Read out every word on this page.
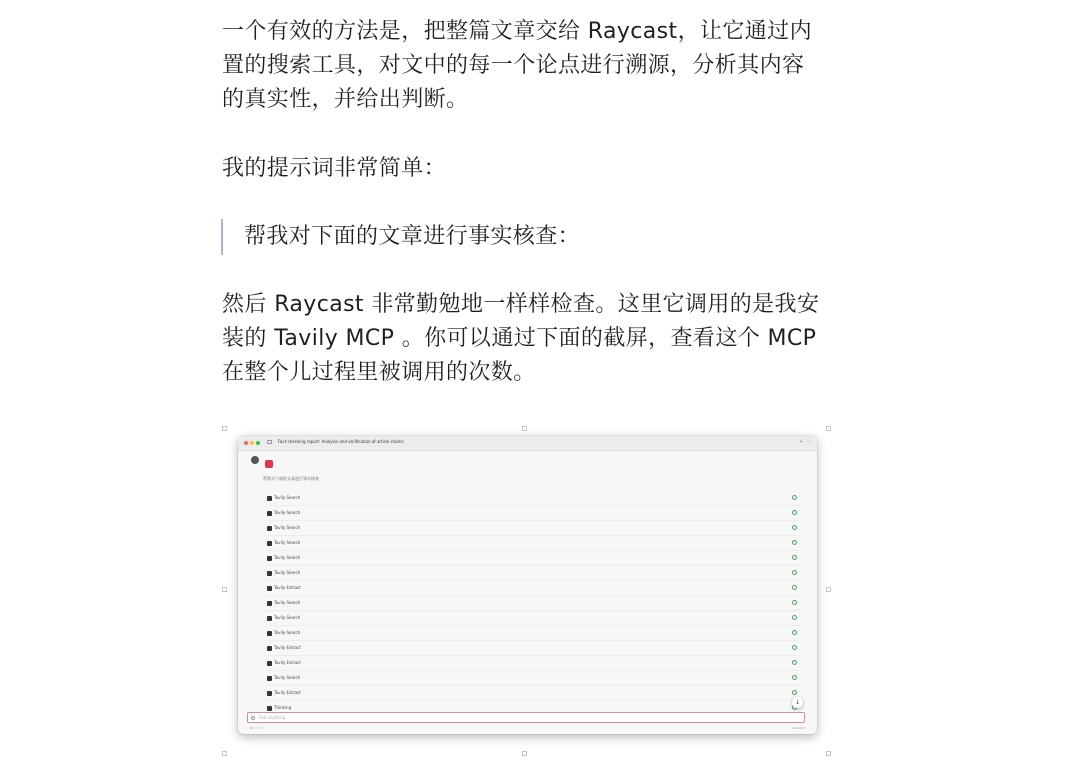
一个有效的方法是，把整篇文章交给 Raycast，让它通过内置的搜索工具，对文中的每一个论点进行溯源，分析其内容的真实性，并给出判断。

我的提示词非常简单：

帮我对下面的文章进行事实核查：

然后 Raycast 非常勤勉地一样样检查。这里它调用的是我安装的 Tavily MCP 。你可以通过下面的截屏，查看这个 MCP 在整个儿过程里被调用的次数。

Fact-checking report: Analysis and verification of article claims	+ ⋯
帮我对下面的文章进行事实核查
Tavily Search
Tavily Search
Tavily Search
Tavily Search
Tavily Search
Tavily Search
Tavily Extract
Tavily Search
Tavily Search
Tavily Search
Tavily Extract
Tavily Extract
Tavily Search
Tavily Extract
Thinking
↓
Ask anything...
⌘ ⏎ ⇧ ⏎	Sonnet 4
